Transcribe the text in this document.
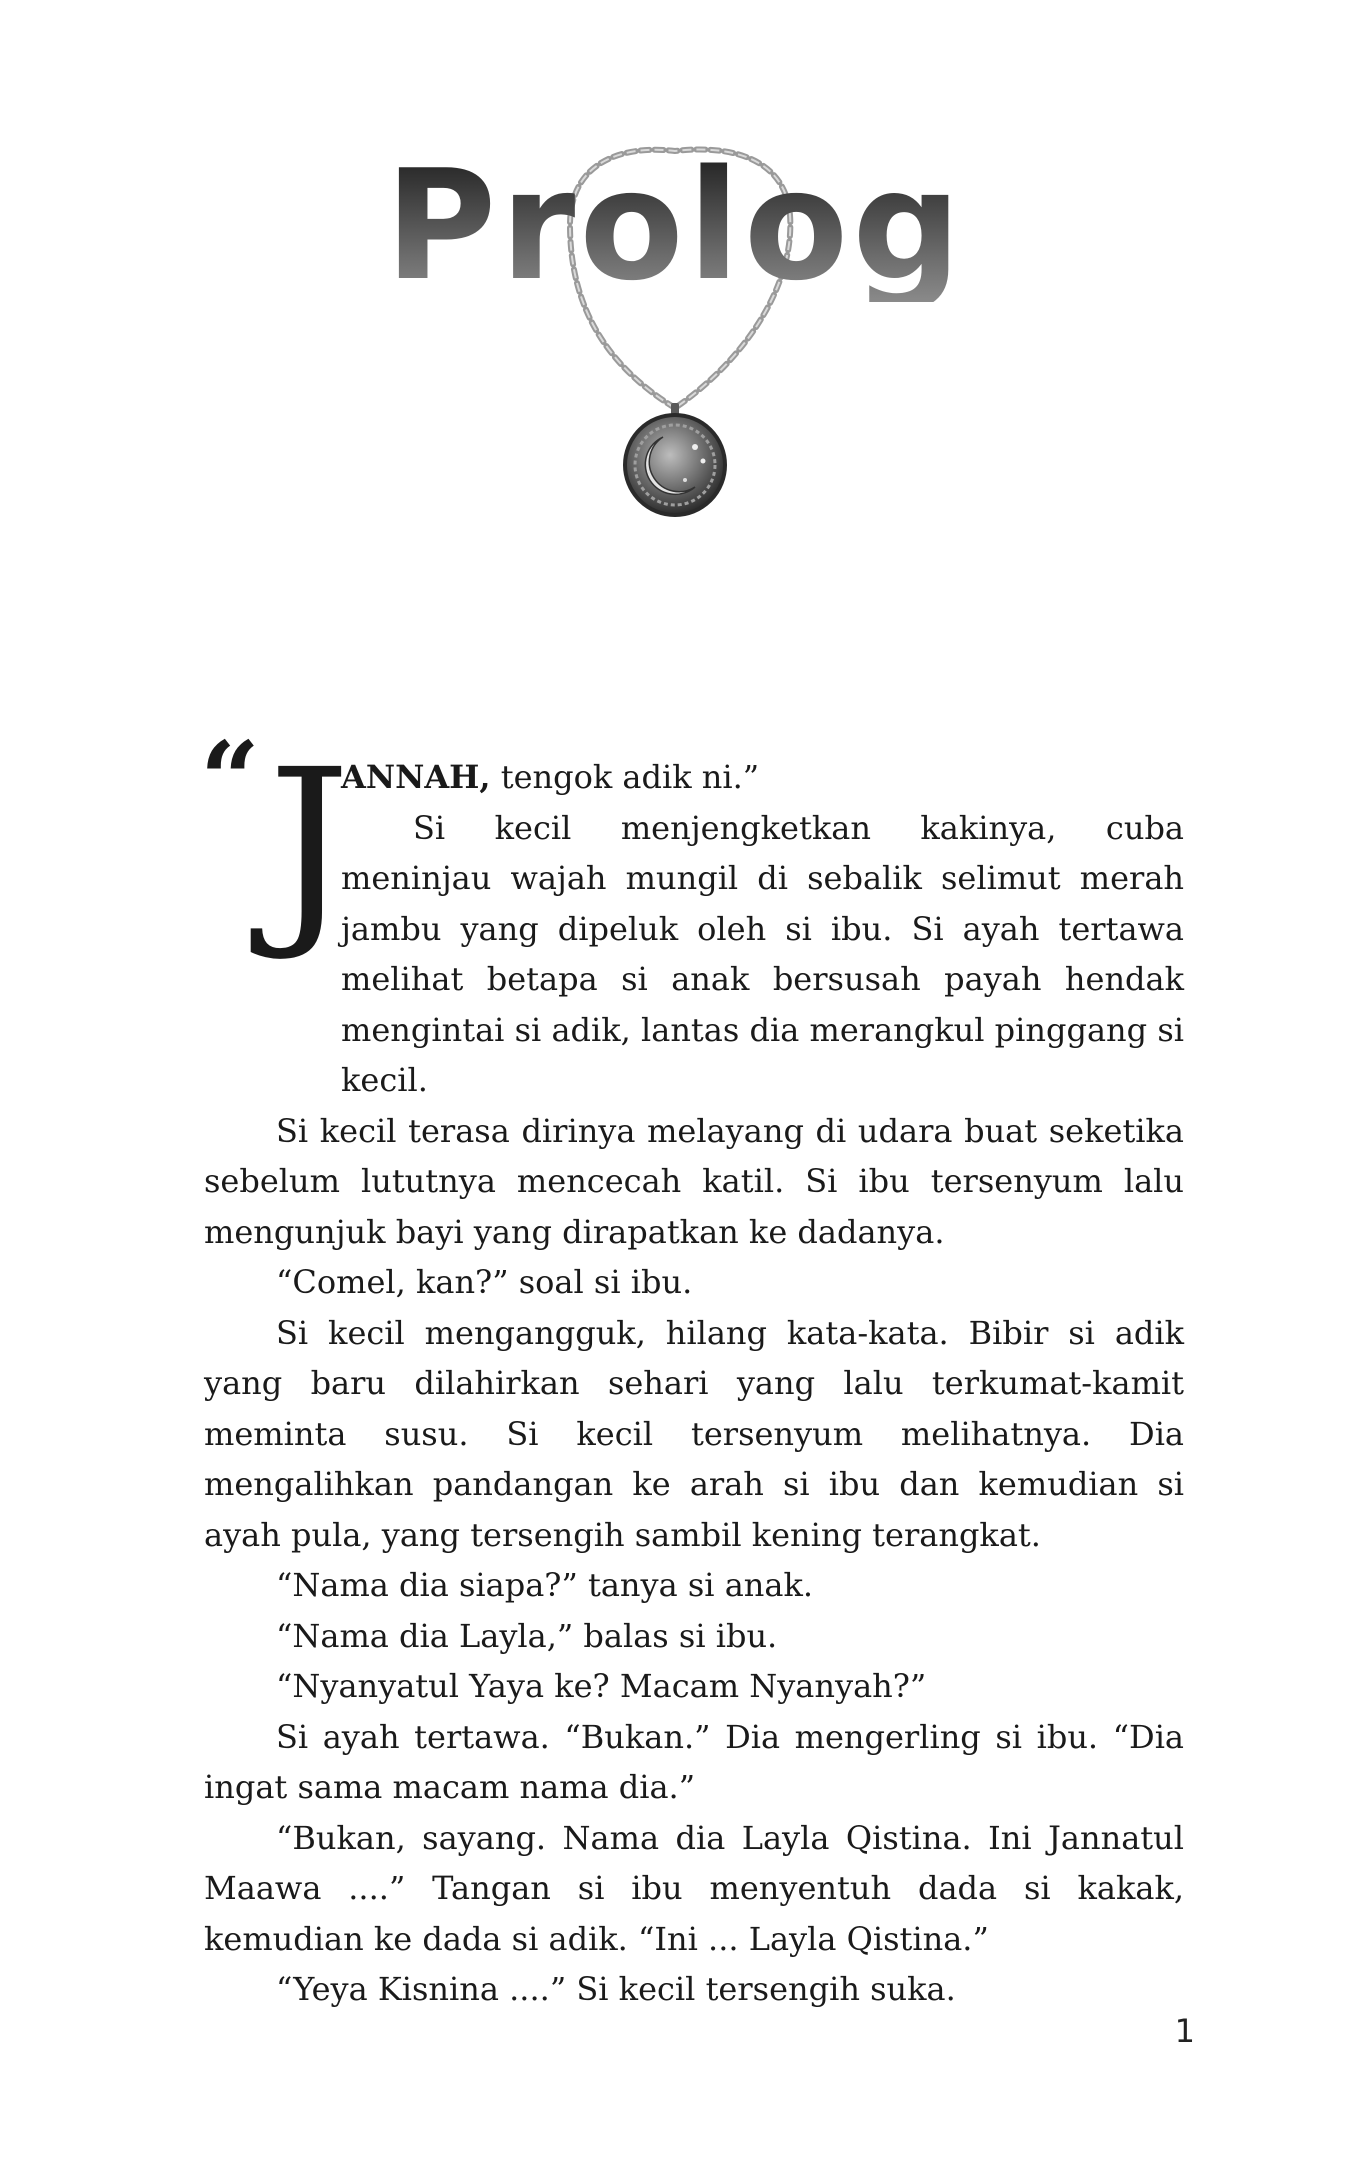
Prolog

“ J
ANNAH, tengok adik ni.”
Si kecil menjengketkan kakinya, cuba meninjau wajah mungil di sebalik selimut merah jambu yang dipeluk oleh si ibu. Si ayah tertawa melihat betapa si anak bersusah payah hendak mengintai si adik, lantas dia merangkul pinggang si kecil.

Si kecil terasa dirinya melayang di udara buat seketika sebelum lututnya mencecah katil. Si ibu tersenyum lalu mengunjuk bayi yang dirapatkan ke dadanya.

“Comel, kan?” soal si ibu.

Si kecil mengangguk, hilang kata-kata. Bibir si adik yang baru dilahirkan sehari yang lalu terkumat-kamit meminta susu. Si kecil tersenyum melihatnya. Dia mengalihkan pandangan ke arah si ibu dan kemudian si ayah pula, yang tersengih sambil kening terangkat.

“Nama dia siapa?” tanya si anak.

“Nama dia Layla,” balas si ibu.

“Nyanyatul Yaya ke? Macam Nyanyah?”

Si ayah tertawa. “Bukan.” Dia mengerling si ibu. “Dia ingat sama macam nama dia.”

“Bukan, sayang. Nama dia Layla Qistina. Ini Jannatul Maawa ....” Tangan si ibu menyentuh dada si kakak, kemudian ke dada si adik. “Ini ... Layla Qistina.”

“Yeya Kisnina ....” Si kecil tersengih suka.

1
